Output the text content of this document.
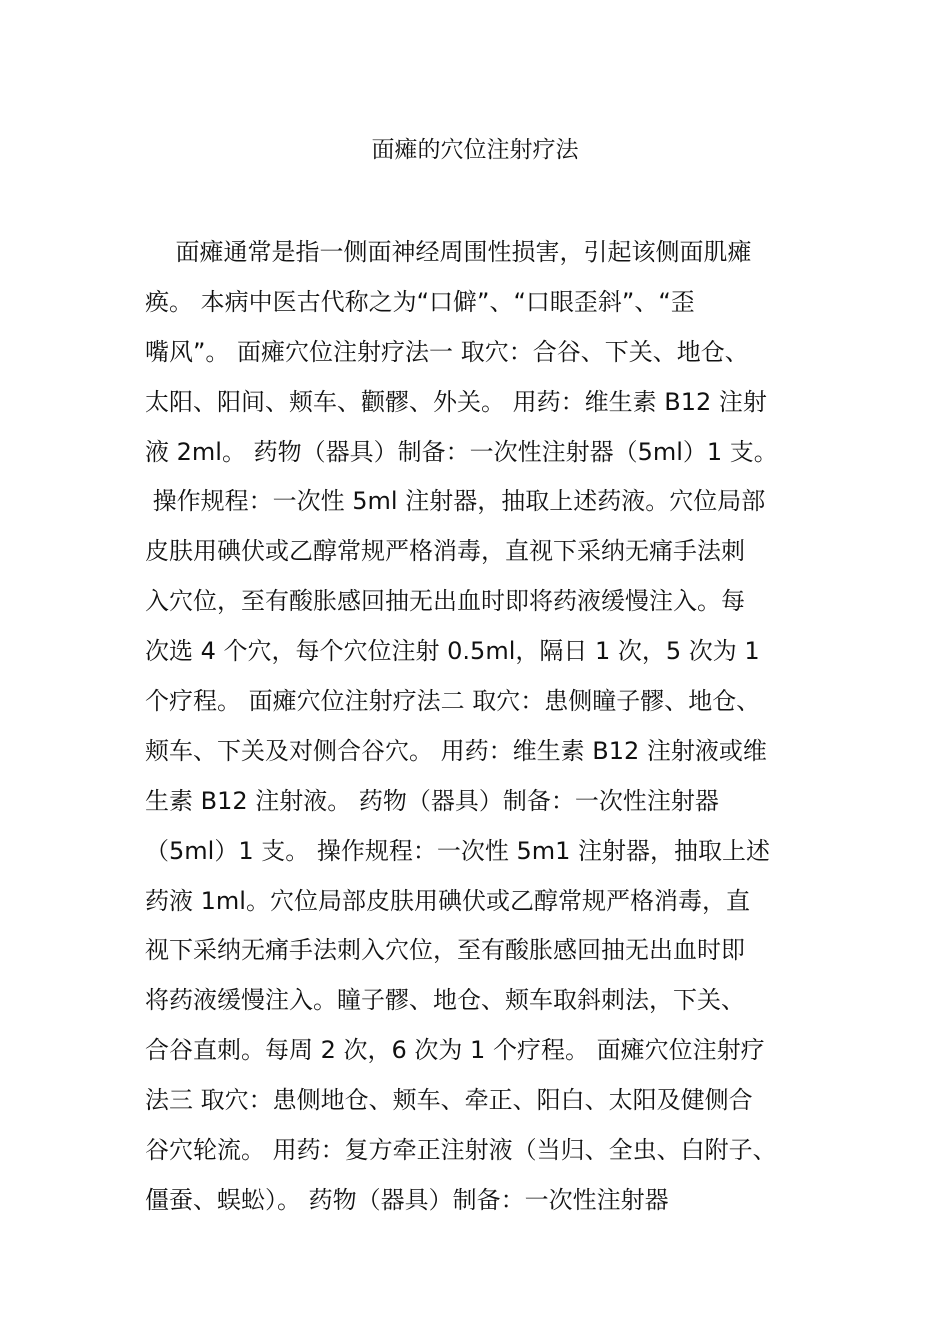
面瘫的穴位注射疗法
面瘫通常是指一侧面神经周围性损害，引起该侧面肌瘫
痪。 本病中医古代称之为“口僻”、“口眼歪斜”、“歪
嘴风”。 面瘫穴位注射疗法一 取穴：合谷、下关、地仓、
太阳、阳间、颊车、颧髎、外关。 用药：维生素 B12 注射
液 2ml。 药物（器具）制备：一次性注射器（5ml）1 支。
操作规程：一次性 5ml 注射器，抽取上述药液。穴位局部
皮肤用碘伏或乙醇常规严格消毒，直视下采纳无痛手法刺
入穴位，至有酸胀感回抽无出血时即将药液缓慢注入。每
次选 4 个穴，每个穴位注射 0.5ml，隔日 1 次，5 次为 1
个疗程。 面瘫穴位注射疗法二 取穴：患侧瞳子髎、地仓、
颊车、下关及对侧合谷穴。 用药：维生素 B12 注射液或维
生素 B12 注射液。 药物（器具）制备：一次性注射器
（5ml）1 支。 操作规程：一次性 5m1 注射器，抽取上述
药液 1ml。穴位局部皮肤用碘伏或乙醇常规严格消毒，直
视下采纳无痛手法刺入穴位，至有酸胀感回抽无出血时即
将药液缓慢注入。瞳子髎、地仓、颊车取斜刺法，下关、
合谷直刺。每周 2 次，6 次为 1 个疗程。 面瘫穴位注射疗
法三 取穴：患侧地仓、颊车、牵正、阳白、太阳及健侧合
谷穴轮流。 用药：复方牵正注射液（当归、全虫、白附子、
僵蚕、蜈蚣）。 药物（器具）制备：一次性注射器
